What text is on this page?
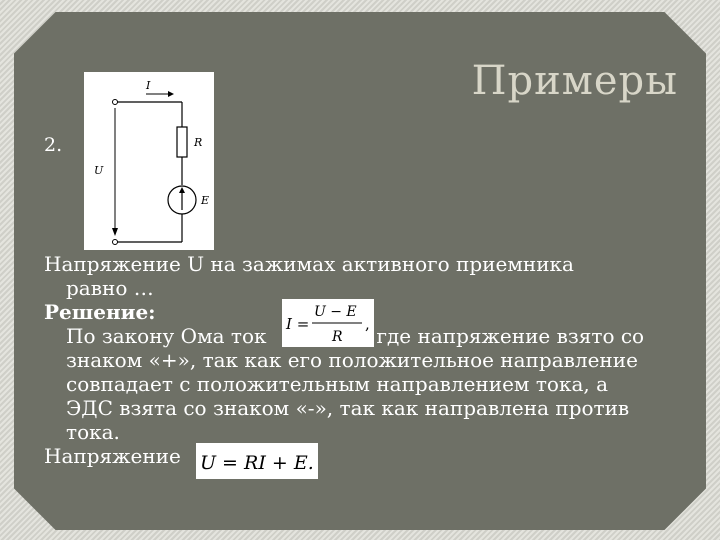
Примеры
2.
I
R
E
U

Напряжение U на зажимах активного приемника

равно …

Решение:

По закону Ома ток	где напряжение взято со

знаком «+», так как его положительное направление

совпадает с положительным направлением тока, а

ЭДС взята со знаком «-», так как направлена против

тока.

Напряжение

I =
U − E
R
,
U = RI + E.
